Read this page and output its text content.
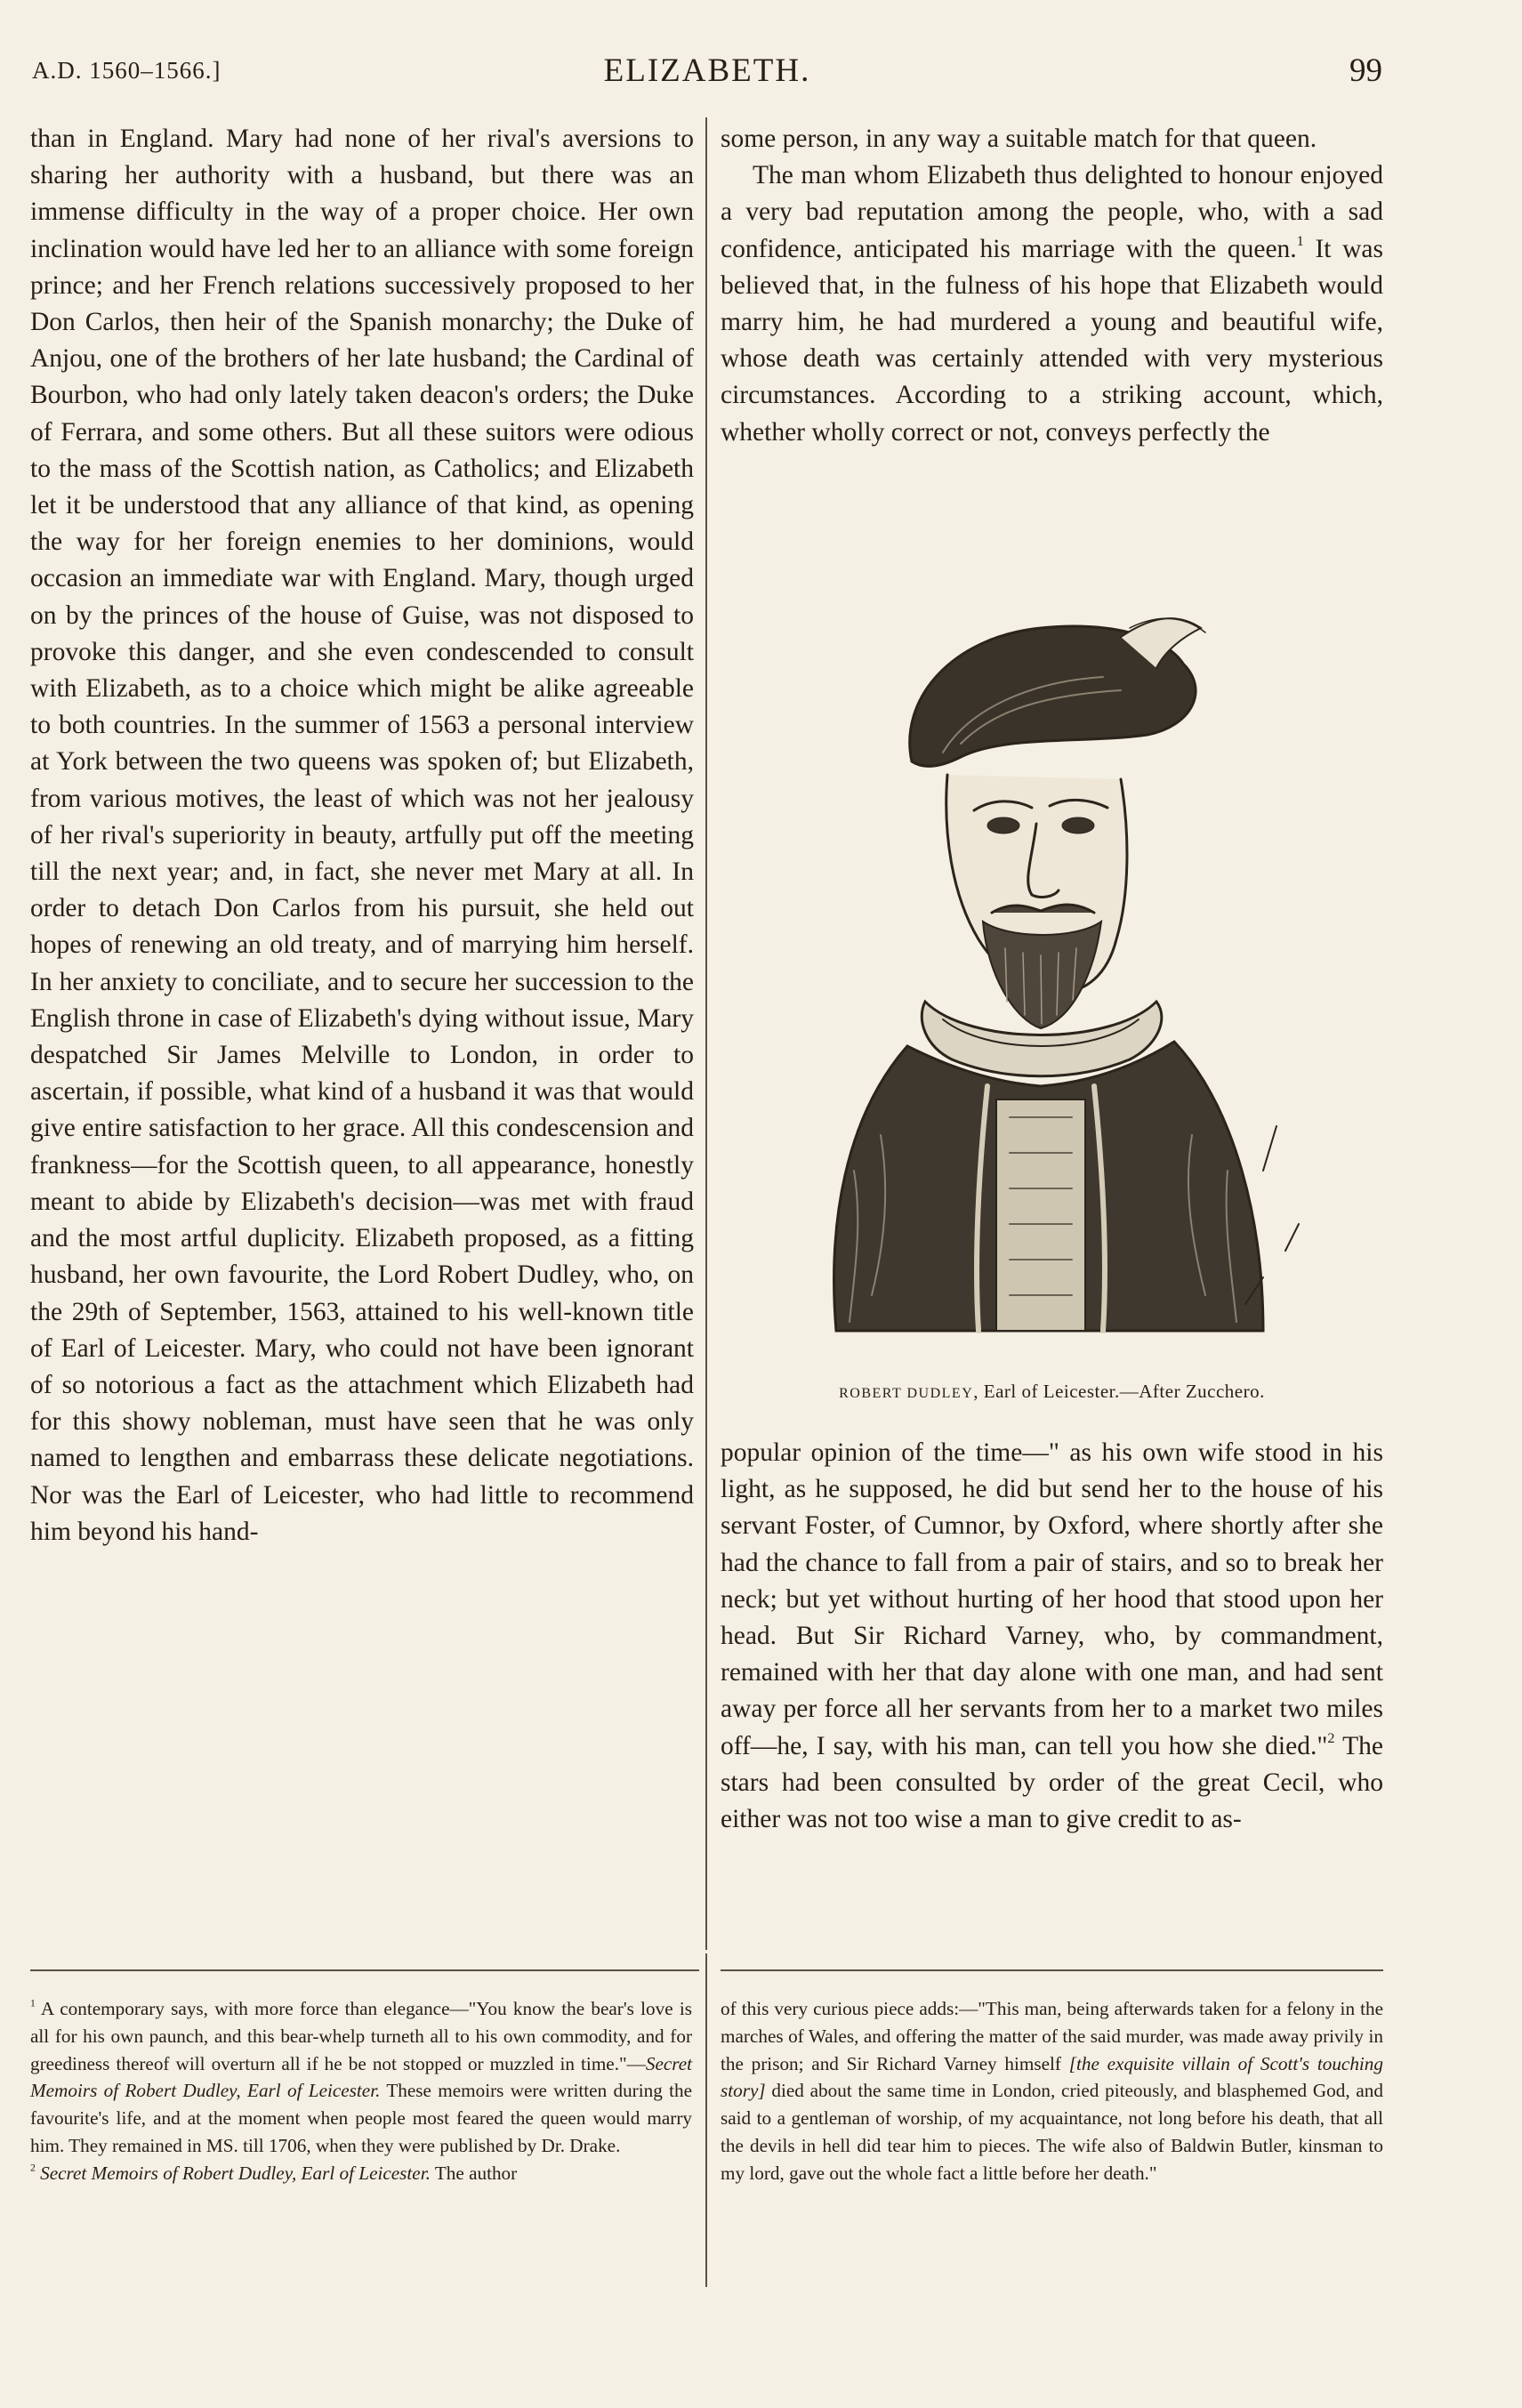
A.D. 1560–1566.]	ELIZABETH.	99

than in England. Mary had none of her rival's aversions to sharing her authority with a husband, but there was an immense difficulty in the way of a proper choice. Her own inclination would have led her to an alliance with some foreign prince; and her French relations successively proposed to her Don Carlos, then heir of the Spanish monarchy; the Duke of Anjou, one of the brothers of her late husband; the Cardinal of Bourbon, who had only lately taken deacon's orders; the Duke of Ferrara, and some others. But all these suitors were odious to the mass of the Scottish nation, as Catholics; and Elizabeth let it be understood that any alliance of that kind, as opening the way for her foreign enemies to her dominions, would occasion an immediate war with England. Mary, though urged on by the princes of the house of Guise, was not disposed to provoke this danger, and she even condescended to consult with Elizabeth, as to a choice which might be alike agreeable to both countries. In the summer of 1563 a personal interview at York between the two queens was spoken of; but Elizabeth, from various motives, the least of which was not her jealousy of her rival's superiority in beauty, artfully put off the meeting till the next year; and, in fact, she never met Mary at all. In order to detach Don Carlos from his pursuit, she held out hopes of renewing an old treaty, and of marrying him herself. In her anxiety to conciliate, and to secure her succession to the English throne in case of Elizabeth's dying without issue, Mary despatched Sir James Melville to London, in order to ascertain, if possible, what kind of a husband it was that would give entire satisfaction to her grace. All this condescension and frankness—for the Scottish queen, to all appearance, honestly meant to abide by Elizabeth's decision—was met with fraud and the most artful duplicity. Elizabeth proposed, as a fitting husband, her own favourite, the Lord Robert Dudley, who, on the 29th of September, 1563, attained to his well-known title of Earl of Leicester. Mary, who could not have been ignorant of so notorious a fact as the attachment which Elizabeth had for this showy nobleman, must have seen that he was only named to lengthen and embarrass these delicate negotiations. Nor was the Earl of Leicester, who had little to recommend him beyond his hand-

some person, in any way a suitable match for that queen.

The man whom Elizabeth thus delighted to honour enjoyed a very bad reputation among the people, who, with a sad confidence, anticipated his marriage with the queen.$^1$ It was believed that, in the fulness of his hope that Elizabeth would marry him, he had murdered a young and beautiful wife, whose death was certainly attended with very mysterious circumstances. According to a striking account, which, whether wholly correct or not, conveys perfectly the

ROBERT DUDLEY, Earl of Leicester.—After Zucchero.

popular opinion of the time—" as his own wife stood in his light, as he supposed, he did but send her to the house of his servant Foster, of Cumnor, by Oxford, where shortly after she had the chance to fall from a pair of stairs, and so to break her neck; but yet without hurting of her hood that stood upon her head. But Sir Richard Varney, who, by commandment, remained with her that day alone with one man, and had sent away per force all her servants from her to a market two miles off—he, I say, with his man, can tell you how she died."$^2$ The stars had been consulted by order of the great Cecil, who either was not too wise a man to give credit to as-

$^1$ A contemporary says, with more force than elegance—"You know the bear's love is all for his own paunch, and this bear-whelp turneth all to his own commodity, and for greediness thereof will overturn all if he be not stopped or muzzled in time."—Secret Memoirs of Robert Dudley, Earl of Leicester. These memoirs were written during the favourite's life, and at the moment when people most feared the queen would marry him. They remained in MS. till 1706, when they were published by Dr. Drake.

$^2$ Secret Memoirs of Robert Dudley, Earl of Leicester. The author

of this very curious piece adds:—"This man, being afterwards taken for a felony in the marches of Wales, and offering the matter of the said murder, was made away privily in the prison; and Sir Richard Varney himself [the exquisite villain of Scott's touching story] died about the same time in London, cried piteously, and blasphemed God, and said to a gentleman of worship, of my acquaintance, not long before his death, that all the devils in hell did tear him to pieces. The wife also of Baldwin Butler, kinsman to my lord, gave out the whole fact a little before her death."
